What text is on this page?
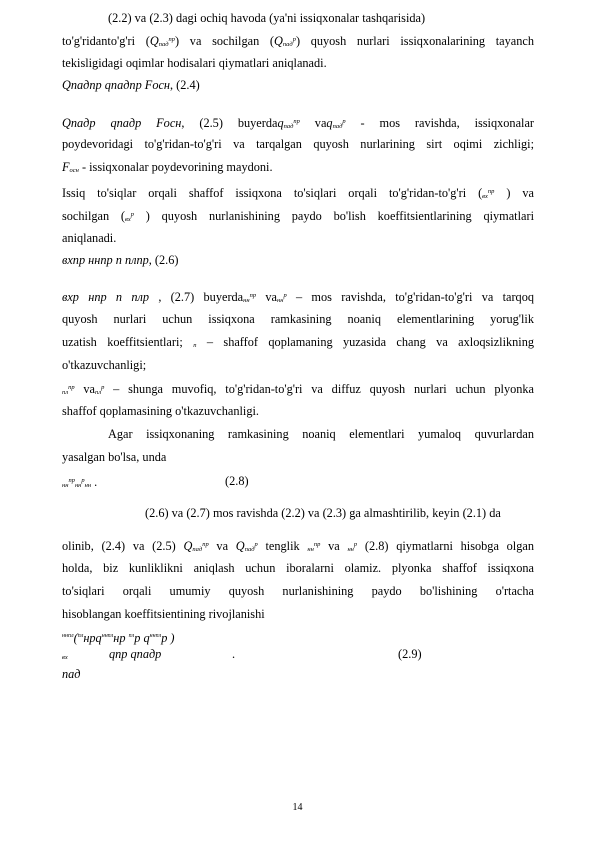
(2.2) va (2.3) dagi ochiq havoda (ya'ni issiqxonalar tashqarisida)
to'g'ridanto'g'ri (Qпад$^{пр}$) va sochilgan (Qпад$^р$) quyosh nurlari issiqxonalarining tayanch
tekisligidagi oqimlar hodisalari qiymatlari aniqlanadi.
Qпадпр qпадпр Fосн, (2.4)
Qпадр qпадр Fосн, (2.5) buyerdaqпад$^{пр}$ vaqпад$^р$ - mos ravishda, issiqxonalar
poydevoridagi to'g'ridan-to'g'ri va tarqalgan quyosh nurlarining sirt oqimi zichligi;
Fосн - issiqxonalar poydevorining maydoni.
Issiq to'siqlar orqali shaffof issiqxona to'siqlari orqali to'g'ridan-to'g'ri ($вх^{пр}$ ) va
sochilgan ($вх^р$ ) quyosh nurlanishining paydo bo'lish koeffitsientlarining qiymatlari
aniqlanadi.
вхпр ннпр п плпр, (2.6)
вхр нпр п плр , (2.7) buyerdaнн$^{пр}$ vaнн$^р$ – mos ravishda, to'g'ridan-to'g'ri va tarqoq
quyosh nurlari uchun issiqxona ramkasining noaniq elementlarining yorug'lik
uzatish koeffitsientlari; п – shaffof qoplamaning yuzasida chang va axloqsizlikning
o'tkazuvchanligi;
$пл^{пр}$ vaпл$^р$ – shunga muvofiq, to'g'ridan-to'g'ri va diffuz quyosh nurlari uchun plyonka
shaffof qoplamasining o'tkazuvchanligi.
Agar issiqxonaning ramkasining noaniq elementlari yumaloq quvurlardan
yasalgan bo'lsa, unda
$нн^{пр}нн^рнн$ .	(2.8)
(2.6) va (2.7) mos ravishda (2.2) va (2.3) ga almashtirilib, keyin (2.1) da
olinib, (2.4) va (2.5) Qпад$^{пр}$ va Qпад$^р$ tenglik $нн^{пр}$ va $нн^р$ (2.8) qiymatlarni hisobga olgan
holda, biz kunliklikni aniqlash uchun iboralarni olamiz. plyonka shaffof issiqxona
to'siqlari orqali umumiy quyosh nurlanishining paydo bo'lishining o'rtacha
hisoblangan koeffitsientining rivojlanishi
$^{ннпл}$($^{пл}$нрq$^{ннпл}$нр $^{пл}$р $q^{ннпл}р$ )
вх	qпр qпадр	.	(2.9)
пад
14
